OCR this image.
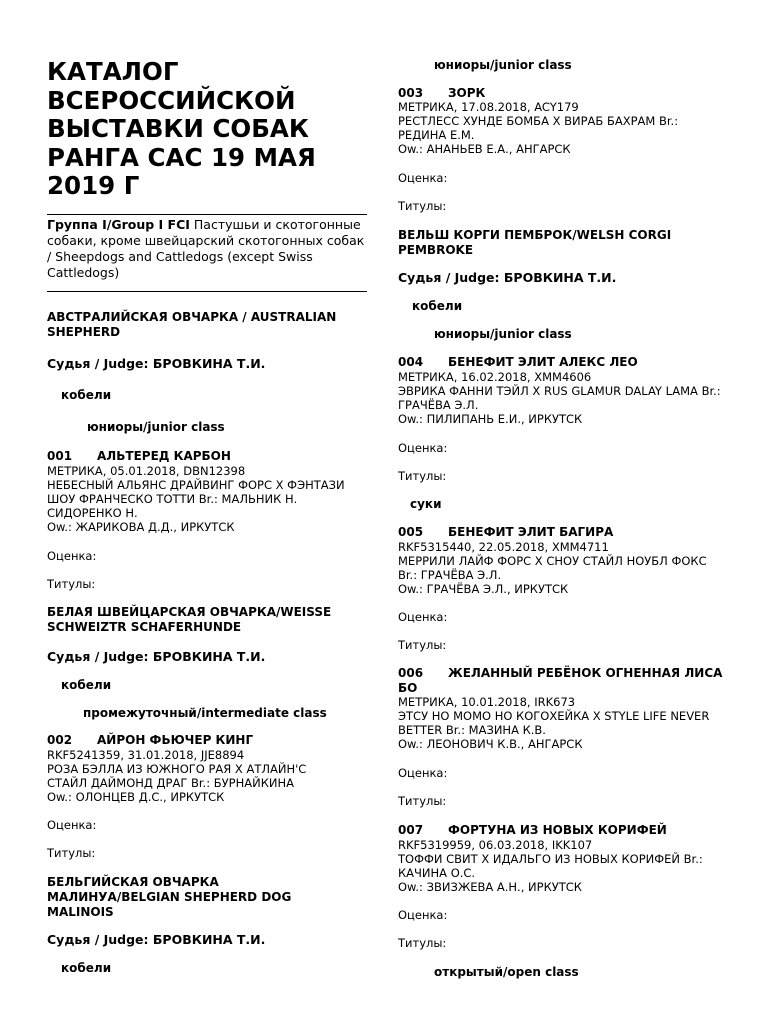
КАТАЛОГ ВСЕРОССИЙСКОЙ ВЫСТАВКИ СОБАК РАНГА САС 19 МАЯ 2019 Г
Группа I/Group I FCI Пастушьи и скотогонные собаки, кроме швейцарский скотогонных собак / Sheepdogs and Cattledogs (except Swiss Cattledogs)
АВСТРАЛИЙСКАЯ ОВЧАРКА / AUSTRALIAN SHEPHERD
Судья / Judge: БРОВКИНА Т.И.
кобели
юниоры/junior class
001 АЛЬТЕРЕД КАРБОН
МЕТРИКА, 05.01.2018, DBN12398
НЕБЕСНЫЙ АЛЬЯНС ДРАЙВИНГ ФОРС Х ФЭНТАЗИ ШОУ ФРАНЧЕСКО ТОТТИ Br.: МАЛЬНИК Н. СИДОРЕНКО Н.
Ow.: ЖАРИКОВА Д.Д., ИРКУТСК
Оценка:
Титулы:
БЕЛАЯ ШВЕЙЦАРСКАЯ ОВЧАРКА/WEISSE SCHWEIZTR SCHAFERHUNDE
Судья / Judge: БРОВКИНА Т.И.
кобели
промежуточный/intermediate class
002 АЙРОН ФЬЮЧЕР КИНГ
RKF5241359, 31.01.2018, JJE8894
РОЗА БЭЛЛА ИЗ ЮЖНОГО РАЯ Х АТЛАЙН'С СТАЙЛ ДАЙМОНД ДРАГ Br.: БУРНАЙКИНА
Ow.: ОЛОНЦЕВ Д.С., ИРКУТСК
Оценка:
Титулы:
БЕЛЬГИЙСКАЯ ОВЧАРКА МАЛИНУА/BELGIAN SHEPHERD DOG MALINOIS
Судья / Judge: БРОВКИНА Т.И.
кобели
юниоры/junior class
003 ЗОРК
МЕТРИКА, 17.08.2018, ACY179
РЕСТЛЕСС ХУНДЕ БОМБА Х ВИРАБ БАХРАМ Br.: РЕДИНА Е.М.
Ow.: АНАНЬЕВ Е.А., АНГАРСК
Оценка:
Титулы:
ВЕЛЬШ КОРГИ ПЕМБРОК/WELSH CORGI PEMBROKE
Судья / Judge: БРОВКИНА Т.И.
кобели
юниоры/junior class
004 БЕНЕФИТ ЭЛИТ АЛЕКС ЛЕО
МЕТРИКА, 16.02.2018, ХММ4606
ЭВРИКА ФАННИ ТЭЙЛ Х RUS GLAMUR DALAY LAMA Br.: ГРАЧЁВА Э.Л.
Ow.: ПИЛИПАНЬ Е.И., ИРКУТСК
Оценка:
Титулы:
суки
005 БЕНЕФИТ ЭЛИТ БАГИРА
RKF5315440, 22.05.2018, ХММ4711
МЕРРИЛИ ЛАЙФ ФОРС Х СНОУ СТАЙЛ НОУБЛ ФОКС Br.: ГРАЧЁВА Э.Л.
Ow.: ГРАЧЁВА Э.Л., ИРКУТСК
Оценка:
Титулы:
006 ЖЕЛАННЫЙ РЕБЁНОК ОГНЕННАЯ ЛИСА БО
МЕТРИКА, 10.01.2018, IRK673
ЭТСУ НО МОМО НО КОГОХЕЙКА Х STYLE LIFE NEVER BETTER Br.: МАЗИНА К.В.
Ow.: ЛЕОНОВИЧ К.В., АНГАРСК
Оценка:
Титулы:
007 ФОРТУНА ИЗ НОВЫХ КОРИФЕЙ
RKF5319959, 06.03.2018, IKK107
ТОФФИ СВИТ Х ИДАЛЬГО ИЗ НОВЫХ КОРИФЕЙ Br.: КАЧИНА О.С.
Ow.: ЗВИЗЖЕВА А.Н., ИРКУТСК
Оценка:
Титулы:
открытый/open class
